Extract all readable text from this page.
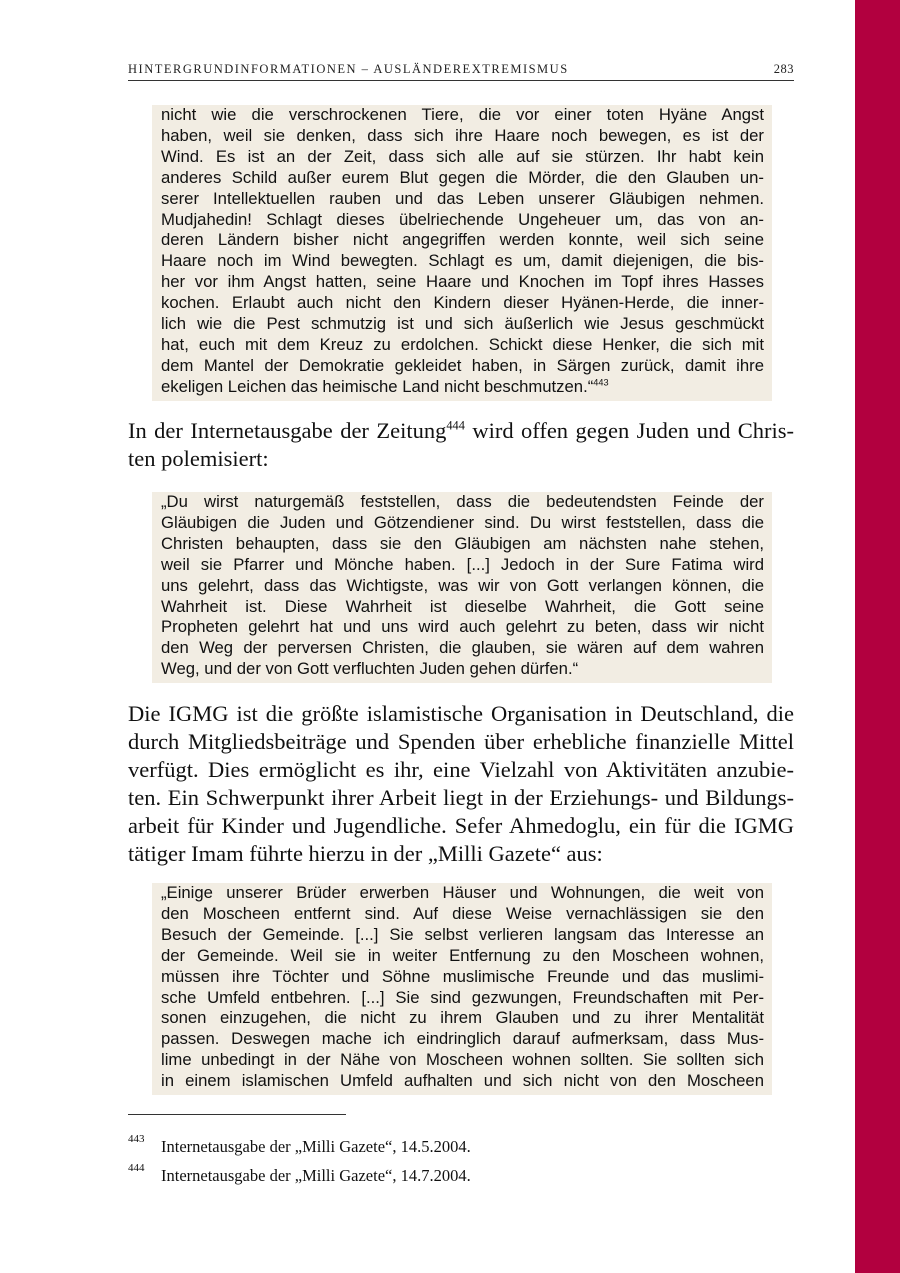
HINTERGRUNDINFORMATIONEN – AUSLÄNDEREXTREMISMUS	283
nicht wie die verschrockenen Tiere, die vor einer toten Hyäne Angst
haben, weil sie denken, dass sich ihre Haare noch bewegen, es ist der
Wind. Es ist an der Zeit, dass sich alle auf sie stürzen. Ihr habt kein
anderes Schild außer eurem Blut gegen die Mörder, die den Glauben un-
serer Intellektuellen rauben und das Leben unserer Gläubigen nehmen.
Mudjahedin! Schlagt dieses übelriechende Ungeheuer um, das von an-
deren Ländern bisher nicht angegriffen werden konnte, weil sich seine
Haare noch im Wind bewegten. Schlagt es um, damit diejenigen, die bis-
her vor ihm Angst hatten, seine Haare und Knochen im Topf ihres Hasses
kochen. Erlaubt auch nicht den Kindern dieser Hyänen-Herde, die inner-
lich wie die Pest schmutzig ist und sich äußerlich wie Jesus geschmückt
hat, euch mit dem Kreuz zu erdolchen. Schickt diese Henker, die sich mit
dem Mantel der Demokratie gekleidet haben, in Särgen zurück, damit ihre
ekeligen Leichen das heimische Land nicht beschmutzen.“$^{443}$
In der Internetausgabe der Zeitung$^{444}$ wird offen gegen Juden und Chris-
ten polemisiert:
„Du wirst naturgemäß feststellen, dass die bedeutendsten Feinde der
Gläubigen die Juden und Götzendiener sind. Du wirst feststellen, dass die
Christen behaupten, dass sie den Gläubigen am nächsten nahe stehen,
weil sie Pfarrer und Mönche haben. [...] Jedoch in der Sure Fatima wird
uns gelehrt, dass das Wichtigste, was wir von Gott verlangen können, die
Wahrheit ist. Diese Wahrheit ist dieselbe Wahrheit, die Gott seine
Propheten gelehrt hat und uns wird auch gelehrt zu beten, dass wir nicht
den Weg der perversen Christen, die glauben, sie wären auf dem wahren
Weg, und der von Gott verfluchten Juden gehen dürfen.“
Die IGMG ist die größte islamistische Organisation in Deutschland, die
durch Mitgliedsbeiträge und Spenden über erhebliche finanzielle Mittel
verfügt. Dies ermöglicht es ihr, eine Vielzahl von Aktivitäten anzubie-
ten. Ein Schwerpunkt ihrer Arbeit liegt in der Erziehungs- und Bildungs-
arbeit für Kinder und Jugendliche. Sefer Ahmedoglu, ein für die IGMG
tätiger Imam führte hierzu in der „Milli Gazete“ aus:
„Einige unserer Brüder erwerben Häuser und Wohnungen, die weit von
den Moscheen entfernt sind. Auf diese Weise vernachlässigen sie den
Besuch der Gemeinde. [...] Sie selbst verlieren langsam das Interesse an
der Gemeinde. Weil sie in weiter Entfernung zu den Moscheen wohnen,
müssen ihre Töchter und Söhne muslimische Freunde und das muslimi-
sche Umfeld entbehren. [...] Sie sind gezwungen, Freundschaften mit Per-
sonen einzugehen, die nicht zu ihrem Glauben und zu ihrer Mentalität
passen. Deswegen mache ich eindringlich darauf aufmerksam, dass Mus-
lime unbedingt in der Nähe von Moscheen wohnen sollten. Sie sollten sich
in einem islamischen Umfeld aufhalten und sich nicht von den Moscheen
443 Internetausgabe der „Milli Gazete“, 14.5.2004.
444 Internetausgabe der „Milli Gazete“, 14.7.2004.
